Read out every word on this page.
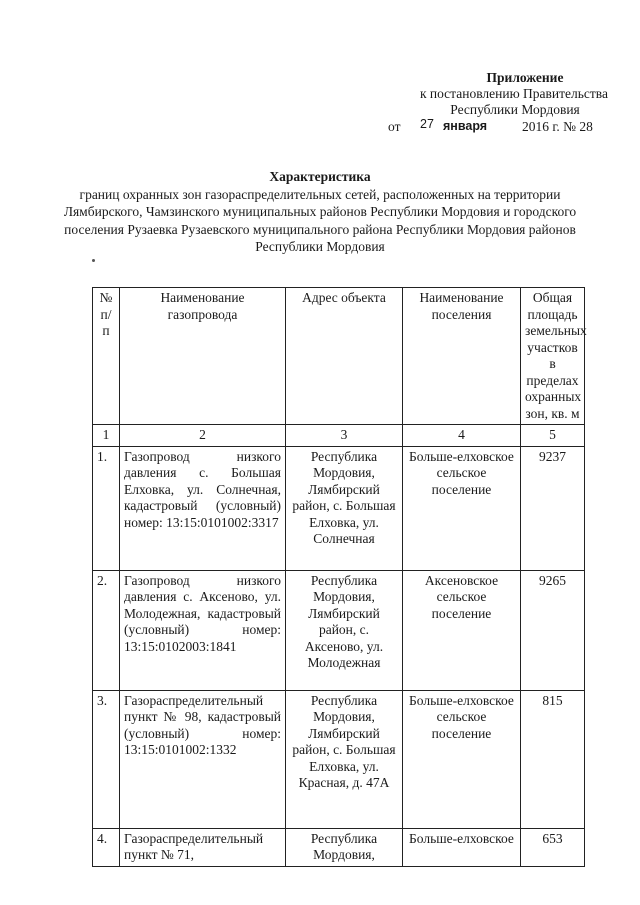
Приложение
к постановлению Правительства
Республики Мордовия
от 27 января	2016 г. № 28
Характеристика
границ охранных зон газораспределительных сетей, расположенных на территории Лямбирского, Чамзинского муниципальных районов Республики Мордовия и городского поселения Рузаевка Рузаевского муниципального района Республики Мордовия районов Республики Мордовия
№ п/п	Наименование газопровода	Адрес объекта	Наименование поселения	Общая площадь земельных участков в пределах охранных зон, кв. м
1	2	3	4	5
1.	Газопровод низкого давления с. Большая Елховка, ул. Солнечная, кадастровый (условный) номер: 13:15:0101002:3317	Республика Мордовия, Лямбирский район, с. Большая Елховка, ул. Солнечная	Больше-елховское сельское поселение	9237
2.	Газопровод низкого давления с. Аксеново, ул. Молодежная, кадастровый (условный) номер: 13:15:0102003:1841	Республика Мордовия, Лямбирский район, с. Аксеново, ул. Молодежная	Аксеновское сельское поселение	9265
3.	Газораспределительный пункт № 98, кадастровый (условный) номер: 13:15:0101002:1332	Республика Мордовия, Лямбирский район, с. Большая Елховка, ул. Красная, д. 47А	Больше-елховское сельское поселение	815
4.	Газораспределительный пункт № 71,	Республика Мордовия,	Больше-елховское	653
